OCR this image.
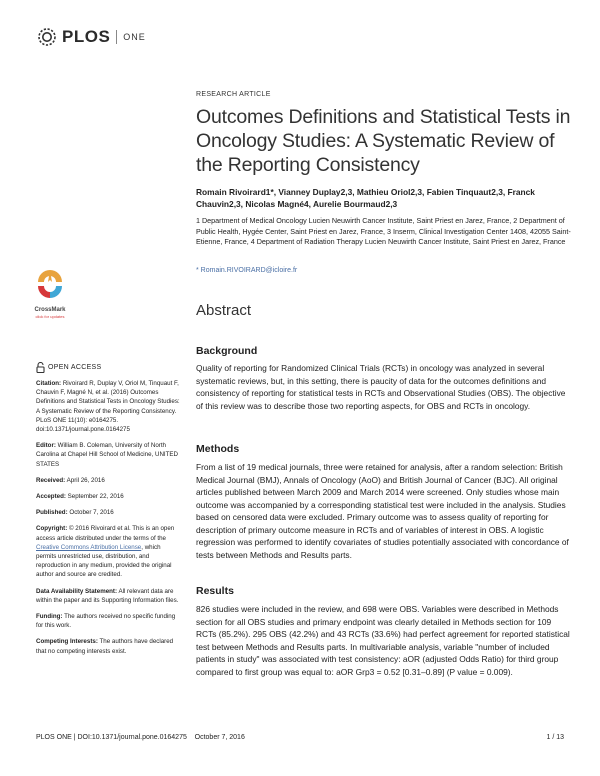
PLOS ONE
RESEARCH ARTICLE
Outcomes Definitions and Statistical Tests in Oncology Studies: A Systematic Review of the Reporting Consistency
Romain Rivoirard1*, Vianney Duplay2,3, Mathieu Oriol2,3, Fabien Tinquaut2,3, Franck Chauvin2,3, Nicolas Magné4, Aurelie Bourmaud2,3
1 Department of Medical Oncology Lucien Neuwirth Cancer Institute, Saint Priest en Jarez, France, 2 Department of Public Health, Hygée Center, Saint Priest en Jarez, France, 3 Inserm, Clinical Investigation Center 1408, 42055 Saint-Etienne, France, 4 Department of Radiation Therapy Lucien Neuwirth Cancer Institute, Saint Priest en Jarez, France
* Romain.RIVOIRARD@icloire.fr
Abstract
Background
Quality of reporting for Randomized Clinical Trials (RCTs) in oncology was analyzed in several systematic reviews, but, in this setting, there is paucity of data for the outcomes definitions and consistency of reporting for statistical tests in RCTs and Observational Studies (OBS). The objective of this review was to describe those two reporting aspects, for OBS and RCTs in oncology.
Methods
From a list of 19 medical journals, three were retained for analysis, after a random selection: British Medical Journal (BMJ), Annals of Oncology (AoO) and British Journal of Cancer (BJC). All original articles published between March 2009 and March 2014 were screened. Only studies whose main outcome was accompanied by a corresponding statistical test were included in the analysis. Studies based on censored data were excluded. Primary outcome was to assess quality of reporting for description of primary outcome measure in RCTs and of variables of interest in OBS. A logistic regression was performed to identify covariates of studies potentially associated with concordance of tests between Methods and Results parts.
Results
826 studies were included in the review, and 698 were OBS. Variables were described in Methods section for all OBS studies and primary endpoint was clearly detailed in Methods section for 109 RCTs (85.2%). 295 OBS (42.2%) and 43 RCTs (33.6%) had perfect agreement for reported statistical test between Methods and Results parts. In multivariable analysis, variable "number of included patients in study" was associated with test consistency: aOR (adjusted Odds Ratio) for third group compared to first group was equal to: aOR Grp3 = 0.52 [0.31–0.89] (P value = 0.009).
CrossMark
click for updates
OPEN ACCESS
Citation: Rivoirard R, Duplay V, Oriol M, Tinquaut F, Chauvin F, Magné N, et al. (2016) Outcomes Definitions and Statistical Tests in Oncology Studies: A Systematic Review of the Reporting Consistency. PLoS ONE 11(10): e0164275. doi:10.1371/journal.pone.0164275
Editor: William B. Coleman, University of North Carolina at Chapel Hill School of Medicine, UNITED STATES
Received: April 26, 2016
Accepted: September 22, 2016
Published: October 7, 2016
Copyright: © 2016 Rivoirard et al. This is an open access article distributed under the terms of the Creative Commons Attribution License, which permits unrestricted use, distribution, and reproduction in any medium, provided the original author and source are credited.
Data Availability Statement: All relevant data are within the paper and its Supporting Information files.
Funding: The authors received no specific funding for this work.
Competing Interests: The authors have declared that no competing interests exist.
PLOS ONE | DOI:10.1371/journal.pone.0164275    October 7, 2016	1 / 13
